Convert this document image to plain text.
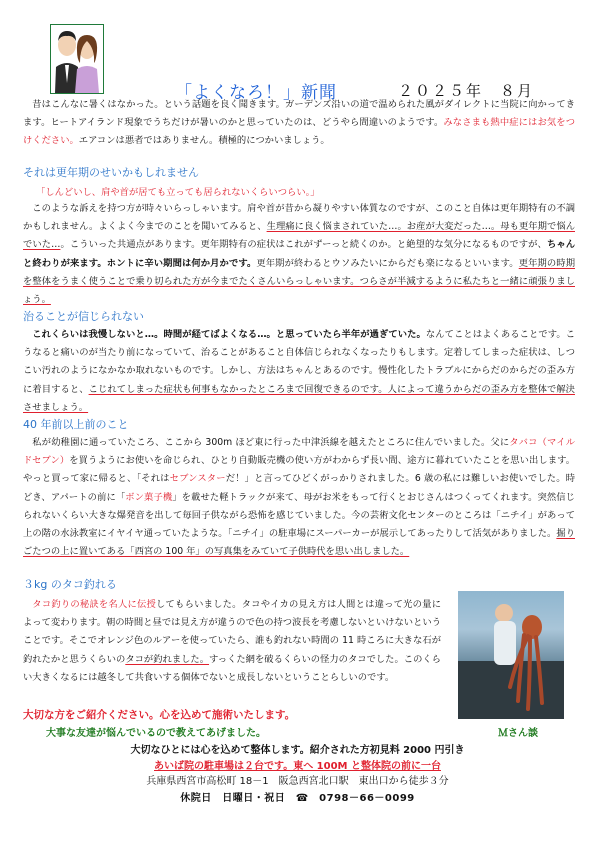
「よくなろ！」新聞	２０２５年　８月

昔はこんなに暑くはなかった。という話題を良く聞きます。ガーデンズ沿いの道で温められた風がダイレクトに当院に向かってきます。ヒートアイランド現象でうちだけが暑いのかと思っていたのは、どうやら間違いのようです。みなさまも熱中症にはお気をつけください。エアコンは悪者ではありません。積極的につかいましょう。

それは更年期のせいかもしれません
「しんどいし、肩や首が居ても立っても居られないくらいつらい。」

このような訴えを持つ方が時々いらっしゃいます。肩や首が昔から凝りやすい体質なのですが、このこと自体は更年期特有の不調かもしれません。よくよく今までのことを聞いてみると、生理痛に良く悩まされていた…。お産が大変だった…。母も更年期で悩んでいた…。こういった共通点があります。更年期特有の症状はこれがずーっと続くのか。と絶望的な気分になるものですが、ちゃんと終わりが来ます。ホントに辛い期間は何か月かです。更年期が終わるとウソみたいにからだも楽になるといいます。更年期の時期を整体をうまく使うことで乗り切られた方が今までたくさんいらっしゃいます。つらさが半減するように私たちと一緒に頑張りましょう。

治ることが信じられない

これくらいは我慢しないと…。時間が経てばよくなる…。と思っていたら半年が過ぎていた。なんてことはよくあることです。こうなると痛いのが当たり前になっていて、治ることがあること自体信じられなくなったりもします。定着してしまった症状は、しつこい汚れのようになかなか取れないものです。しかし、方法はちゃんとあるのです。慢性化したトラブルにからだのからだの歪み方に着目すると、こじれてしまった症状も何事もなかったところまで回復できるのです。人によって違うからだの歪み方を整体で解決させましょう。

40 年前以上前のこと

私が幼稚園に通っていたころ、ここから 300m ほど東に行った中津浜線を越えたところに住んでいました。父にタバコ（マイルドセブン）を買うようにお使いを命じられ、ひとり自動販売機の使い方がわからず長い間、途方に暮れていたことを思い出します。やっと買って家に帰ると、「それはセブンスターだ！」と言ってひどくがっかりされました。6 歳の私には難しいお使いでした。時どき、アパートの前に「ボン菓子機」を載せた軽トラックが来て、母がお米をもって行くとおじさんはつくってくれます。突然信じられないくらい大きな爆発音を出して毎回子供ながら恐怖を感じていました。今の芸術文化センターのところは「ニチイ」があって上の階の水泳教室にイヤイヤ通っていたような。「ニチイ」の駐車場にスーパーカーが展示してあったりして活気がありました。掘りごたつの上に置いてある「西宮の 100 年」の写真集をみていて子供時代を思い出しました。

３kg のタコ釣れる

タコ釣りの秘訣を名人に伝授してもらいました。タコやイカの見え方は人間とは違って光の量によって変わります。朝の時間と昼では見え方が違うので色の持つ波長を考慮しないといけないということです。そこでオレンジ色のルアーを使っていたら、誰も釣れない時間の 11 時ころに大きな石が釣れたかと思うくらいのタコが釣れました。すっくた網を破るくらいの怪力のタコでした。このくらい大きくなるには越冬して共食いする個体でないと成長しないということらしいのです。

大切な方をご紹介ください。心を込めて施術いたします。
大事な友達が悩んでいるので教えてあげました。	Ｍさん談
大切なひとには心を込めて整体します。紹介された方初見料 2000 円引き
あいば院の駐車場は２台です。東へ 100M と整体院の前に一台
兵庫県西宮市高松町 18－1　阪急西宮北口駅　東出口から徒歩３分
休院日　日曜日・祝日　☎　0798－66－0099
